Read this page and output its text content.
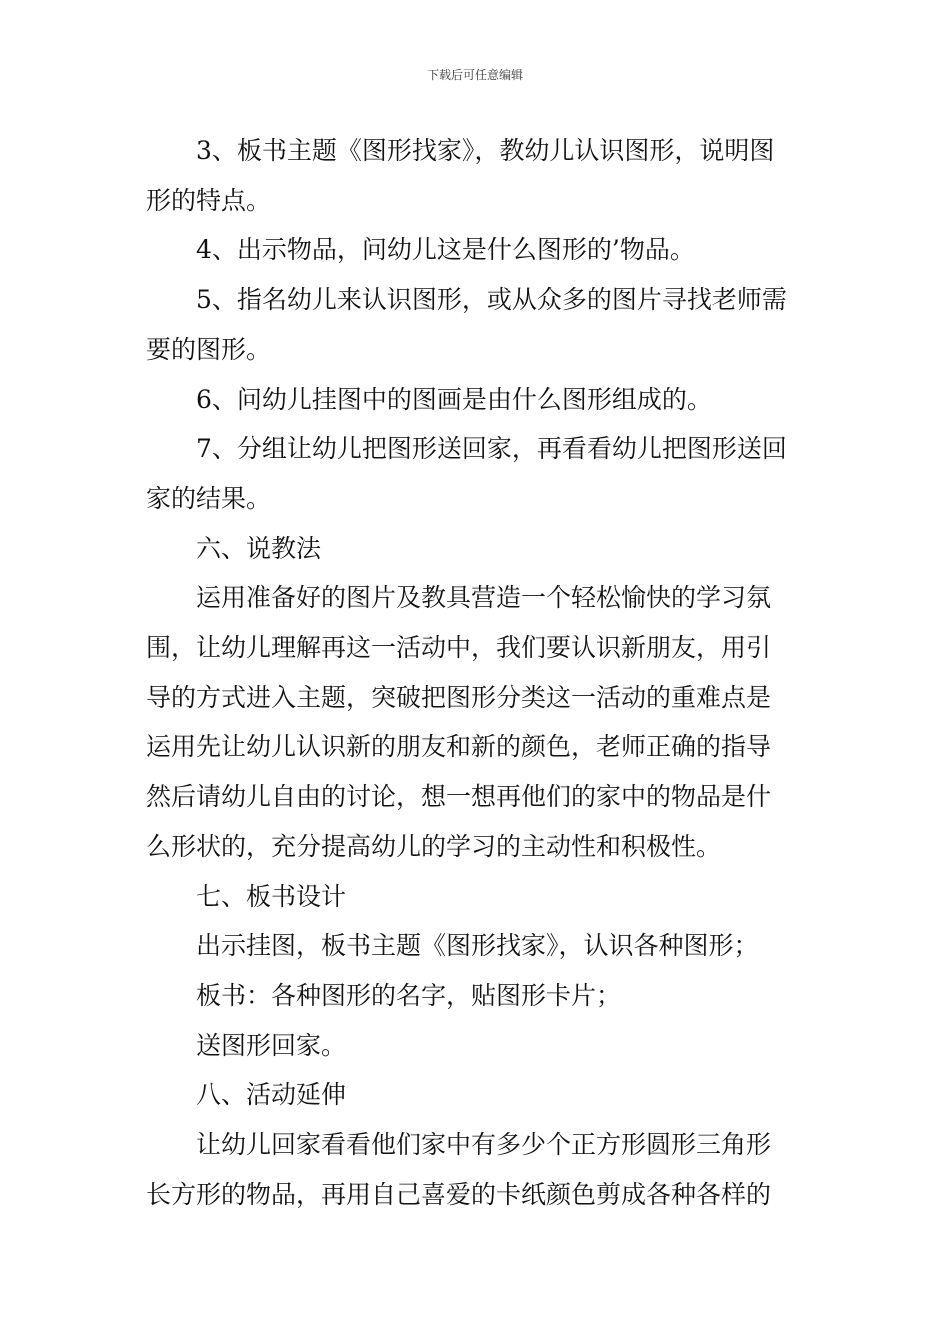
下载后可任意编辑

3、板书主题《图形找家》，教幼儿认识图形，说明图

形的特点。

4、出示物品，问幼儿这是什么图形的’物品。

5、指名幼儿来认识图形，或从众多的图片寻找老师需

要的图形。

6、问幼儿挂图中的图画是由什么图形组成的。

7、分组让幼儿把图形送回家，再看看幼儿把图形送回

家的结果。

六、说教法

运用准备好的图片及教具营造一个轻松愉快的学习氛

围，让幼儿理解再这一活动中，我们要认识新朋友，用引

导的方式进入主题，突破把图形分类这一活动的重难点是

运用先让幼儿认识新的朋友和新的颜色，老师正确的指导

然后请幼儿自由的讨论，想一想再他们的家中的物品是什

么形状的，充分提高幼儿的学习的主动性和积极性。

七、板书设计

出示挂图，板书主题《图形找家》，认识各种图形；

板书：各种图形的名字，贴图形卡片；

送图形回家。

八、活动延伸

让幼儿回家看看他们家中有多少个正方形圆形三角形

长方形的物品，再用自己喜爱的卡纸颜色剪成各种各样的
